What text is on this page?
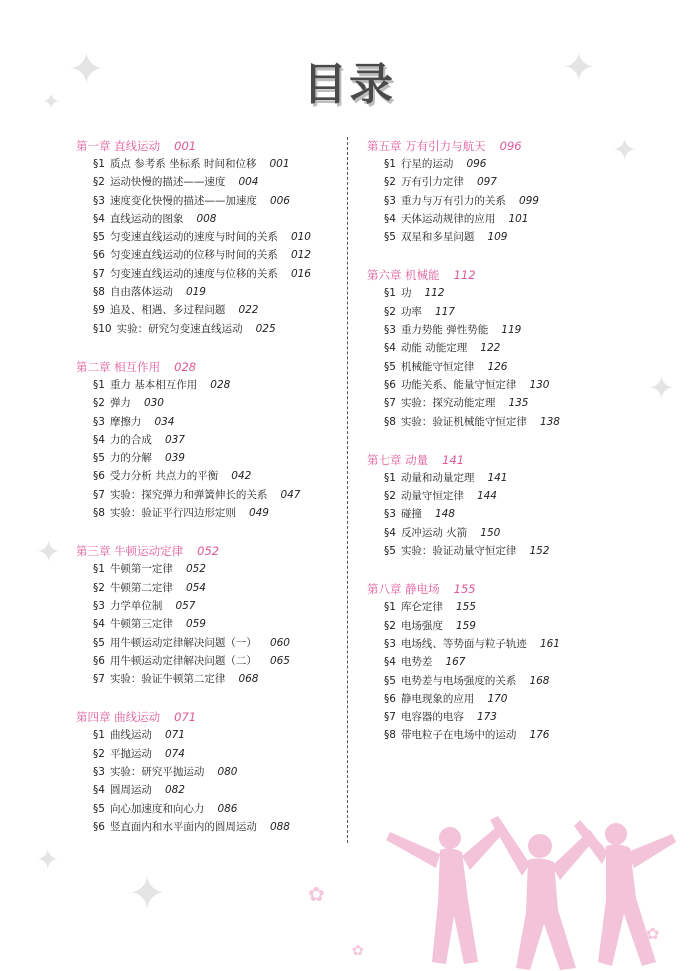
✦
✦
✦
✦
✦
✦
✦
✦
目录
第一章 直线运动 001
§1 质点 参考系 坐标系 时间和位移 001
§2 运动快慢的描述——速度 004
§3 速度变化快慢的描述——加速度 006
§4 直线运动的图象 008
§5 匀变速直线运动的速度与时间的关系 010
§6 匀变速直线运动的位移与时间的关系 012
§7 匀变速直线运动的速度与位移的关系 016
§8 自由落体运动 019
§9 追及、相遇、多过程问题 022
§10 实验：研究匀变速直线运动 025
第二章 相互作用 028
§1 重力 基本相互作用 028
§2 弹力 030
§3 摩擦力 034
§4 力的合成 037
§5 力的分解 039
§6 受力分析 共点力的平衡 042
§7 实验：探究弹力和弹簧伸长的关系 047
§8 实验：验证平行四边形定则 049
第三章 牛顿运动定律 052
§1 牛顿第一定律 052
§2 牛顿第二定律 054
§3 力学单位制 057
§4 牛顿第三定律 059
§5 用牛顿运动定律解决问题（一） 060
§6 用牛顿运动定律解决问题（二） 065
§7 实验：验证牛顿第二定律 068
第四章 曲线运动 071
§1 曲线运动 071
§2 平抛运动 074
§3 实验：研究平抛运动 080
§4 圆周运动 082
§5 向心加速度和向心力 086
§6 竖直面内和水平面内的圆周运动 088
第五章 万有引力与航天 096
§1 行星的运动 096
§2 万有引力定律 097
§3 重力与万有引力的关系 099
§4 天体运动规律的应用 101
§5 双星和多星问题 109
第六章 机械能 112
§1 功 112
§2 功率 117
§3 重力势能 弹性势能 119
§4 动能 动能定理 122
§5 机械能守恒定律 126
§6 功能关系、能量守恒定律 130
§7 实验：探究动能定理 135
§8 实验：验证机械能守恒定律 138
第七章 动量 141
§1 动量和动量定理 141
§2 动量守恒定律 144
§3 碰撞 148
§4 反冲运动 火箭 150
§5 实验：验证动量守恒定律 152
第八章 静电场 155
§1 库仑定律 155
§2 电场强度 159
§3 电场线、等势面与粒子轨迹 161
§4 电势差 167
§5 电势差与电场强度的关系 168
§6 静电现象的应用 170
§7 电容器的电容 173
§8 带电粒子在电场中的运动 176
✿
✿
✿
